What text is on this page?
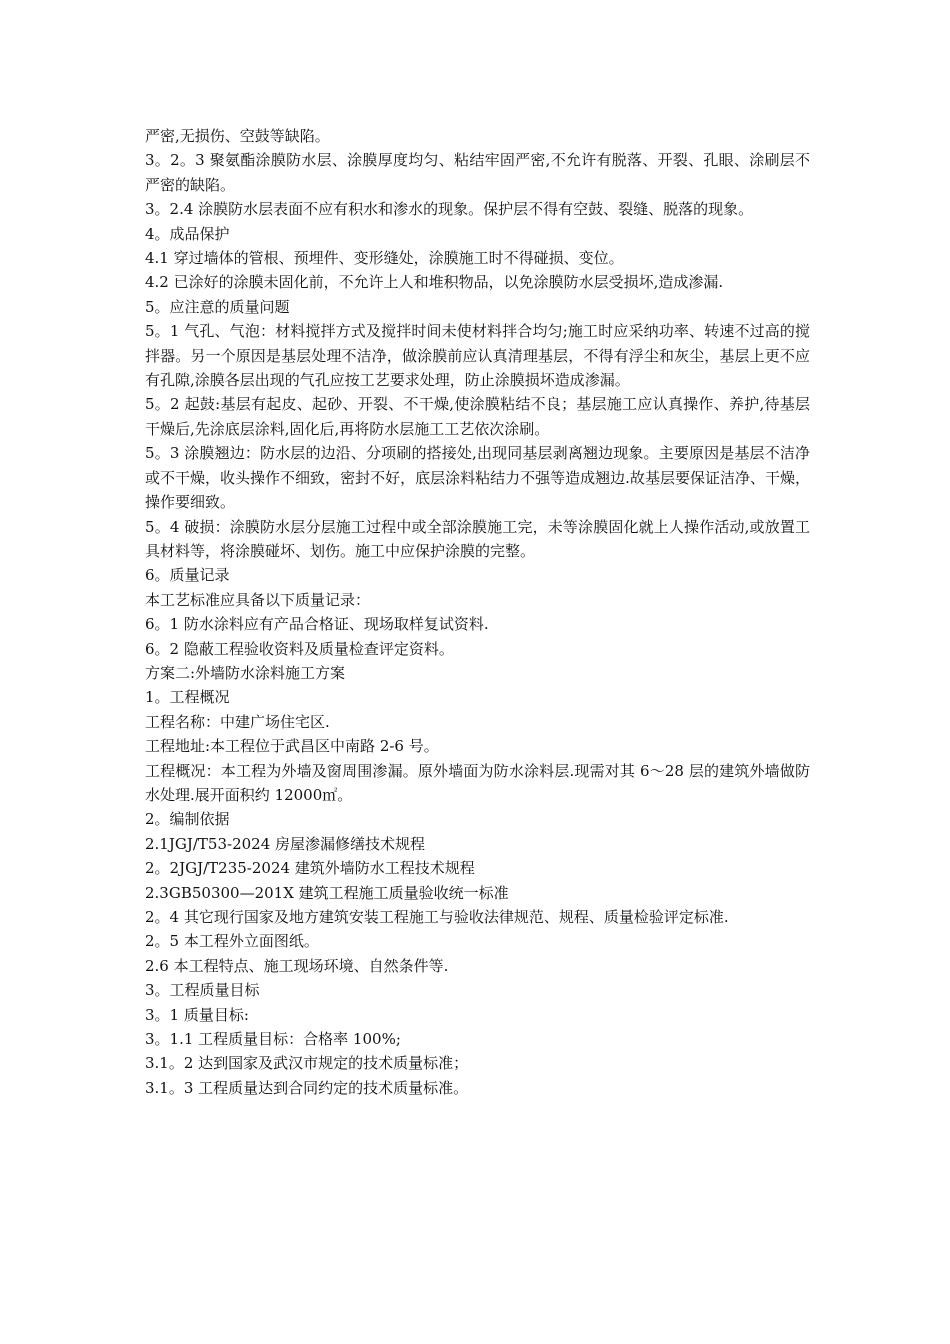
严密,无损伤、空鼓等缺陷。

3。2。3 聚氨酯涂膜防水层、涂膜厚度均匀、粘结牢固严密,不允许有脱落、开裂、孔眼、涂刷层不严密的缺陷。

3。2.4 涂膜防水层表面不应有积水和渗水的现象。保护层不得有空鼓、裂缝、脱落的现象。

4。成品保护

4.1 穿过墙体的管根、预埋件、变形缝处，涂膜施工时不得碰损、变位。

4.2 已涂好的涂膜未固化前，不允许上人和堆积物品，以免涂膜防水层受损坏,造成渗漏.

5。应注意的质量问题

5。1 气孔、气泡：材料搅拌方式及搅拌时间未使材料拌合均匀;施工时应采纳功率、转速不过高的搅拌器。另一个原因是基层处理不洁净，做涂膜前应认真清理基层，不得有浮尘和灰尘，基层上更不应有孔隙,涂膜各层出现的气孔应按工艺要求处理，防止涂膜损坏造成渗漏。

5。2 起鼓:基层有起皮、起砂、开裂、不干燥,使涂膜粘结不良；基层施工应认真操作、养护,待基层干燥后,先涂底层涂料,固化后,再将防水层施工工艺依次涂刷。

5。3 涂膜翘边：防水层的边沿、分项刷的搭接处,出现同基层剥离翘边现象。主要原因是基层不洁净或不干燥，收头操作不细致，密封不好，底层涂料粘结力不强等造成翘边.故基层要保证洁净、干燥，操作要细致。

5。4 破损：涂膜防水层分层施工过程中或全部涂膜施工完，未等涂膜固化就上人操作活动,或放置工具材料等，将涂膜碰坏、划伤。施工中应保护涂膜的完整。

6。质量记录

本工艺标准应具备以下质量记录：

6。1 防水涂料应有产品合格证、现场取样复试资料.

6。2 隐蔽工程验收资料及质量检查评定资料。

方案二:外墙防水涂料施工方案

1。工程概况

工程名称：中建广场住宅区.

工程地址:本工程位于武昌区中南路 2-6 号。

工程概况：本工程为外墙及窗周围渗漏。原外墙面为防水涂料层.现需对其 6～28 层的建筑外墙做防水处理.展开面积约 12000㎡。

2。编制依据

2.1JGJ/T53-2024 房屋渗漏修缮技术规程

2。2JGJ/T235-2024 建筑外墙防水工程技术规程

2.3GB50300—201X 建筑工程施工质量验收统一标准

2。4 其它现行国家及地方建筑安装工程施工与验收法律规范、规程、质量检验评定标准.

2。5 本工程外立面图纸。

2.6 本工程特点、施工现场环境、自然条件等.

3。工程质量目标

3。1 质量目标:

3。1.1 工程质量目标：合格率 100%;

3.1。2 达到国家及武汉市规定的技术质量标准；

3.1。3 工程质量达到合同约定的技术质量标准。
